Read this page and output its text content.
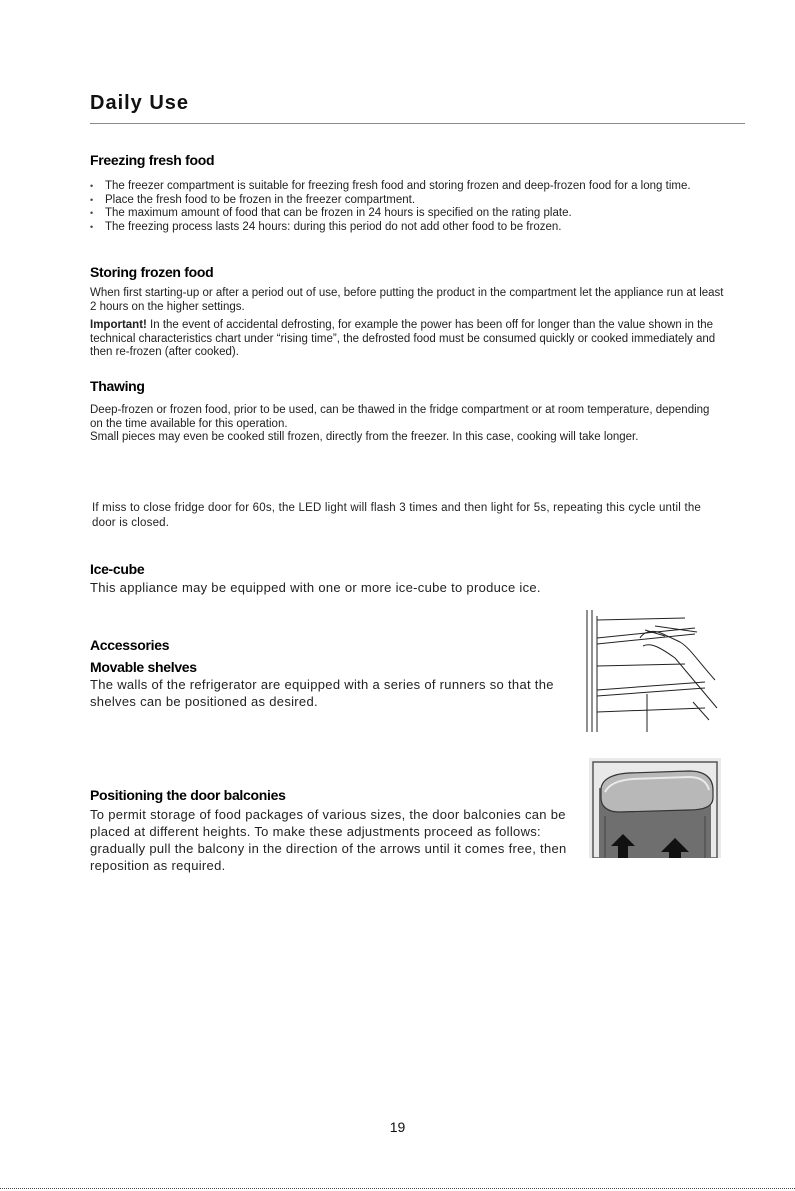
Daily Use
Freezing fresh food
• The freezer compartment is suitable for freezing fresh food and storing frozen and deep-frozen food for a long time.
• Place the fresh food to be frozen in the freezer compartment.
• The maximum amount of food that can be frozen in 24 hours is specified on the rating plate.
• The freezing process lasts 24 hours: during this period do not add other food to be frozen.
Storing frozen food
When first starting-up or after a period out of use, before putting the product in the compartment let the appliance run at least 2 hours on the higher settings.
Important! In the event of accidental defrosting, for example the power has been off for longer than the value shown in the technical characteristics chart under “rising time”, the defrosted food must be consumed quickly or cooked immediately and then re-frozen (after cooked).
Thawing
Deep-frozen or frozen food, prior to be used, can be thawed in the fridge compartment or at room temperature, depending on the time available for this operation.
Small pieces may even be cooked still frozen, directly from the freezer. In this case, cooking will take longer.
If miss to close fridge door for 60s, the LED light will flash 3 times and then light for 5s, repeating this cycle until the door is closed.
Ice-cube
This appliance may be equipped with one or more ice-cube to produce ice.
Accessories
Movable shelves
The walls of the refrigerator are equipped with a series of runners so that the shelves can be positioned as desired.
Positioning the door balconies
To permit storage of food packages of various sizes, the door balconies can be placed at different heights. To make these adjustments proceed as follows: gradually pull the balcony in the direction of the arrows until it comes free, then reposition as required.
19
